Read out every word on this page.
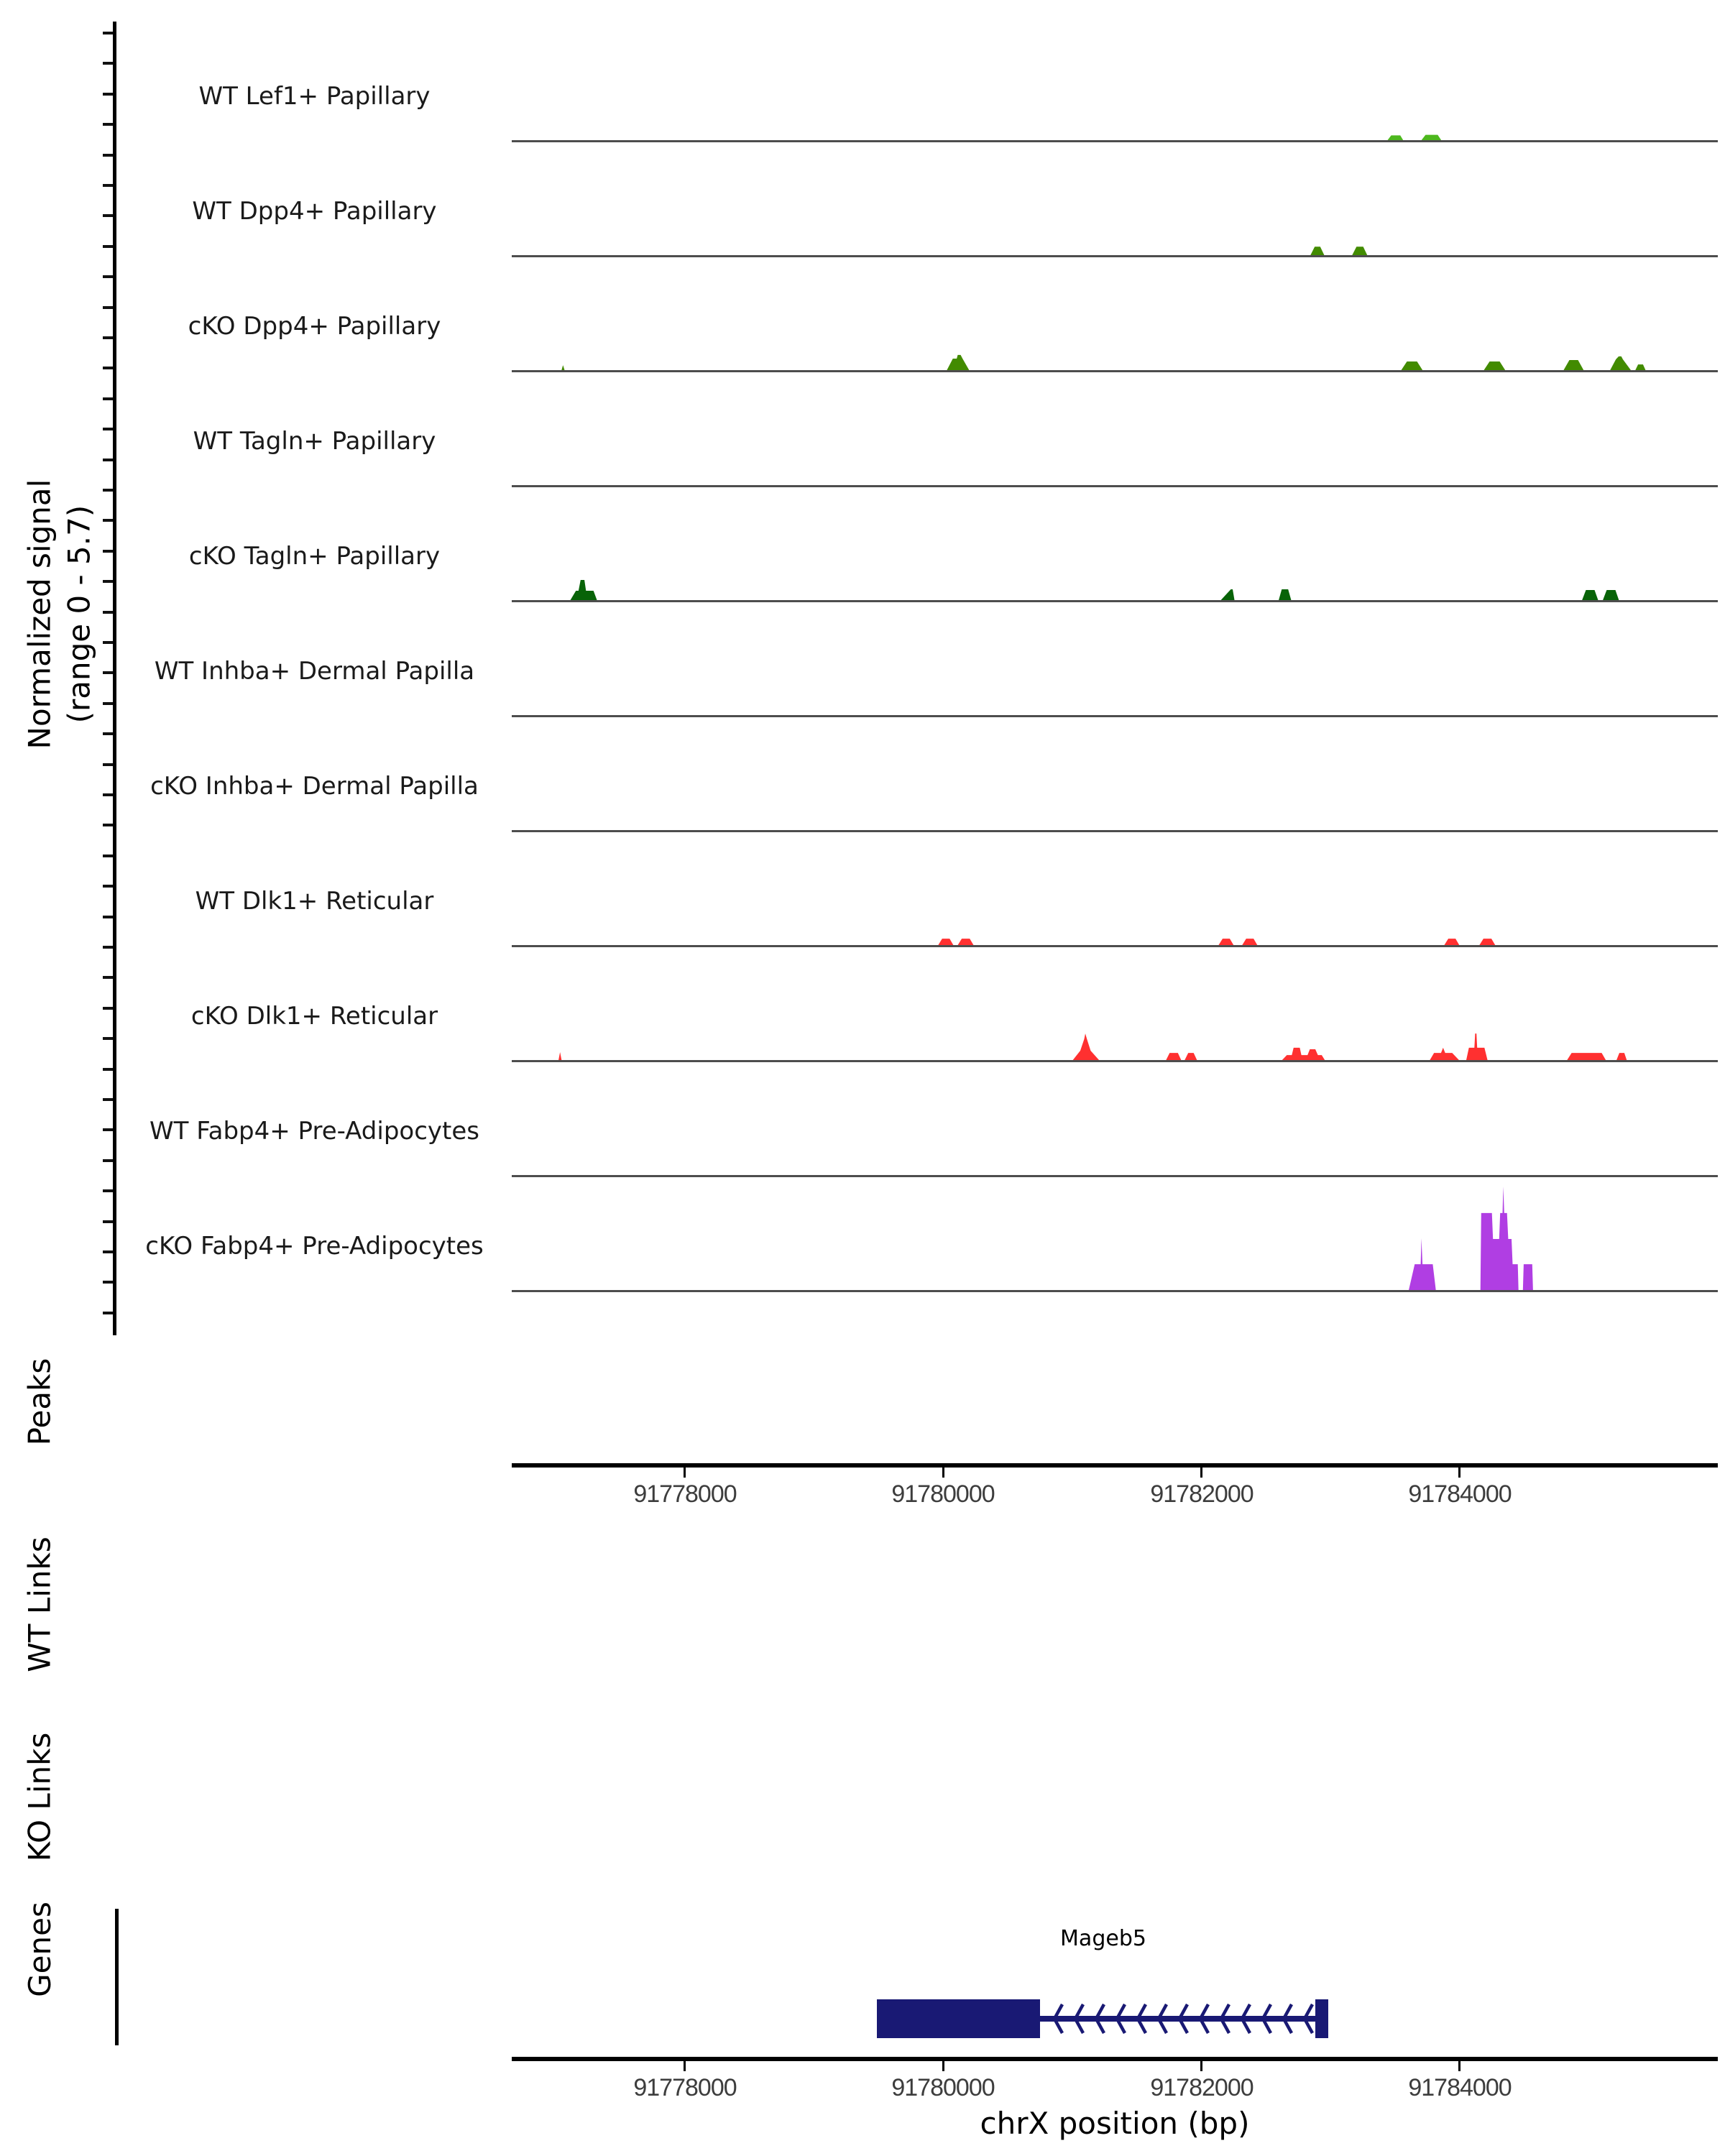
Normalized signal (range 0 - 5.7)
WT Lef1+ Papillary
WT Dpp4+ Papillary
cKO Dpp4+ Papillary
WT Tagln+ Papillary
cKO Tagln+ Papillary
WT Inhba+ Dermal Papilla
cKO Inhba+ Dermal Papilla
WT Dlk1+ Reticular
cKO Dlk1+ Reticular
WT Fabp4+ Pre-Adipocytes
cKO Fabp4+ Pre-Adipocytes
Peaks
WT Links
KO Links
Genes
91778000	91780000	91782000	91784000
Mageb5
91778000	91780000	91782000	91784000
chrX position (bp)
